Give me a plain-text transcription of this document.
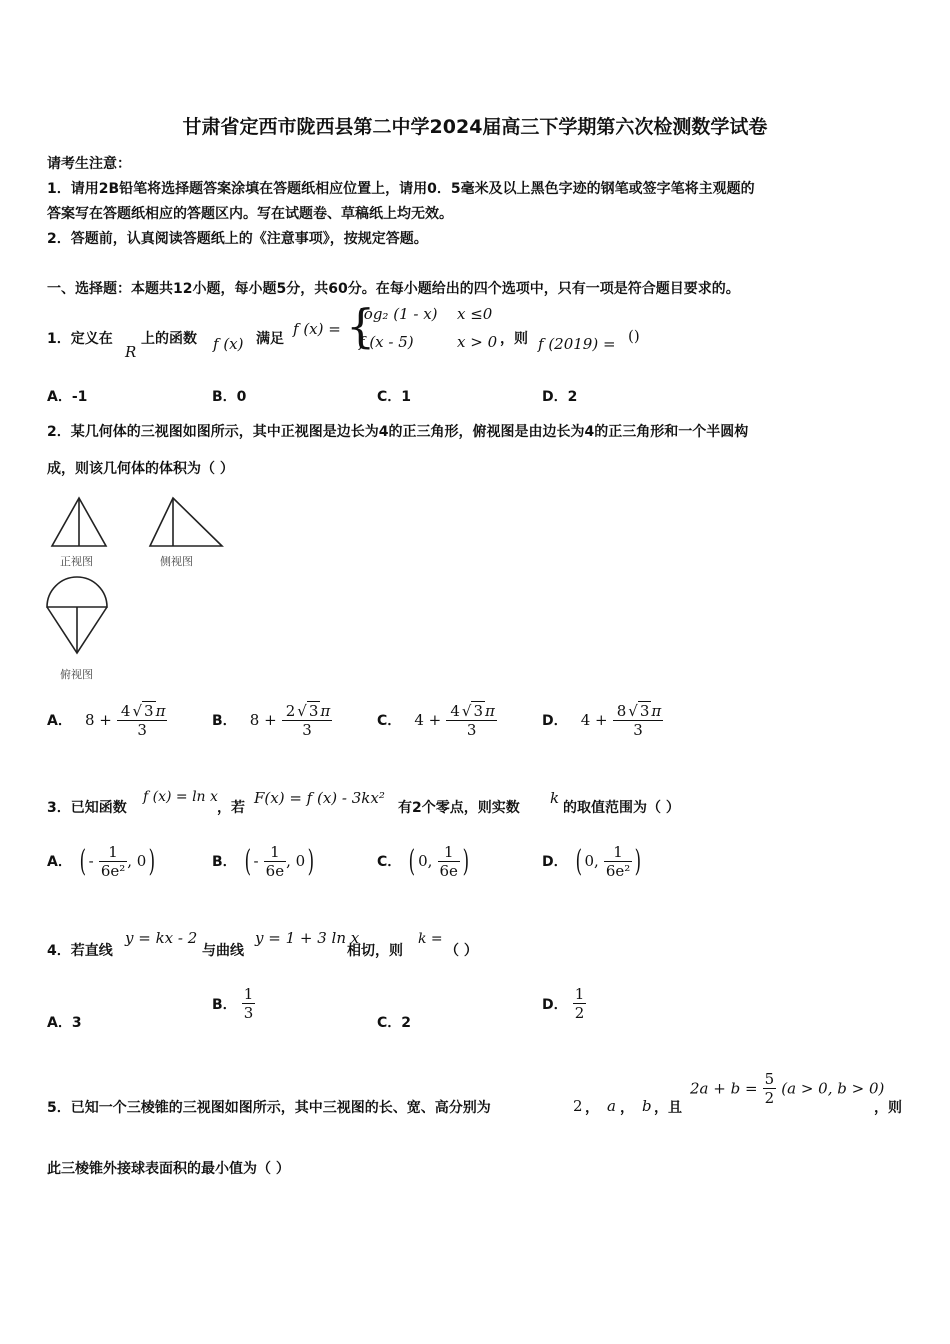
甘肃省定西市陇西县第二中学2024届高三下学期第六次检测数学试卷
请考生注意：
1．请用2B铅笔将选择题答案涂填在答题纸相应位置上，请用0．5毫米及以上黑色字迹的钢笔或签字笔将主观题的
答案写在答题纸相应的答题区内。写在试题卷、草稿纸上均无效。
2．答题前，认真阅读答题纸上的《注意事项》，按规定答题。
一、选择题：本题共12小题，每小题5分，共60分。在每小题给出的四个选项中，只有一项是符合题目要求的。
1．定义在
R
上的函数 f (x) 满足
f (x) = {
log₂ (1 - x) x ≤0
f (x - 5)	x > 0 ，则 f (2019) = ()
A．-1	B．0	C．1	D．2
2．某几何体的三视图如图所示，其中正视图是边长为4的正三角形，俯视图是由边长为4的正三角形和一个半圆构
成，则该几何体的体积为（ ）
正视图	侧视图
俯视图
A． $8 + \frac{4 √ 3 \pi}{3}$	B． $8 + \frac{2 √ 3 \pi}{3}$	C． $4 + \frac{4 √ 3 \pi}{3}$	D． $4 + \frac{8 √ 3 \pi}{3}$
3．已知函数
f (x) = ln x
，若
F(x) = f (x) - 3kx²
有2个零点，则实数
k
的取值范围为（ ）
A． ( - $\frac{1}{\text{6e²}}$ , 0)	B． ( - $\frac{1}{6e}$ , 0)	C． ( 0, $\frac{1}{6e}$ )	D． ( 0, $\frac{1}{\text{6e²}}$ )
4．若直线
y = kx - 2
与曲线
y = 1 + 3 ln x
相切，则
k =
（ ）
A．3
B． $\frac{1}{3}$
C．2
D． $\frac{1}{2}$
5．已知一个三棱锥的三视图如图所示，其中三视图的长、宽、高分别为	2 ， a ， b ，且
$2a + b = \frac{5}{2} (a > 0$, b > 0)
，则
此三棱锥外接球表面积的最小值为（ ）
